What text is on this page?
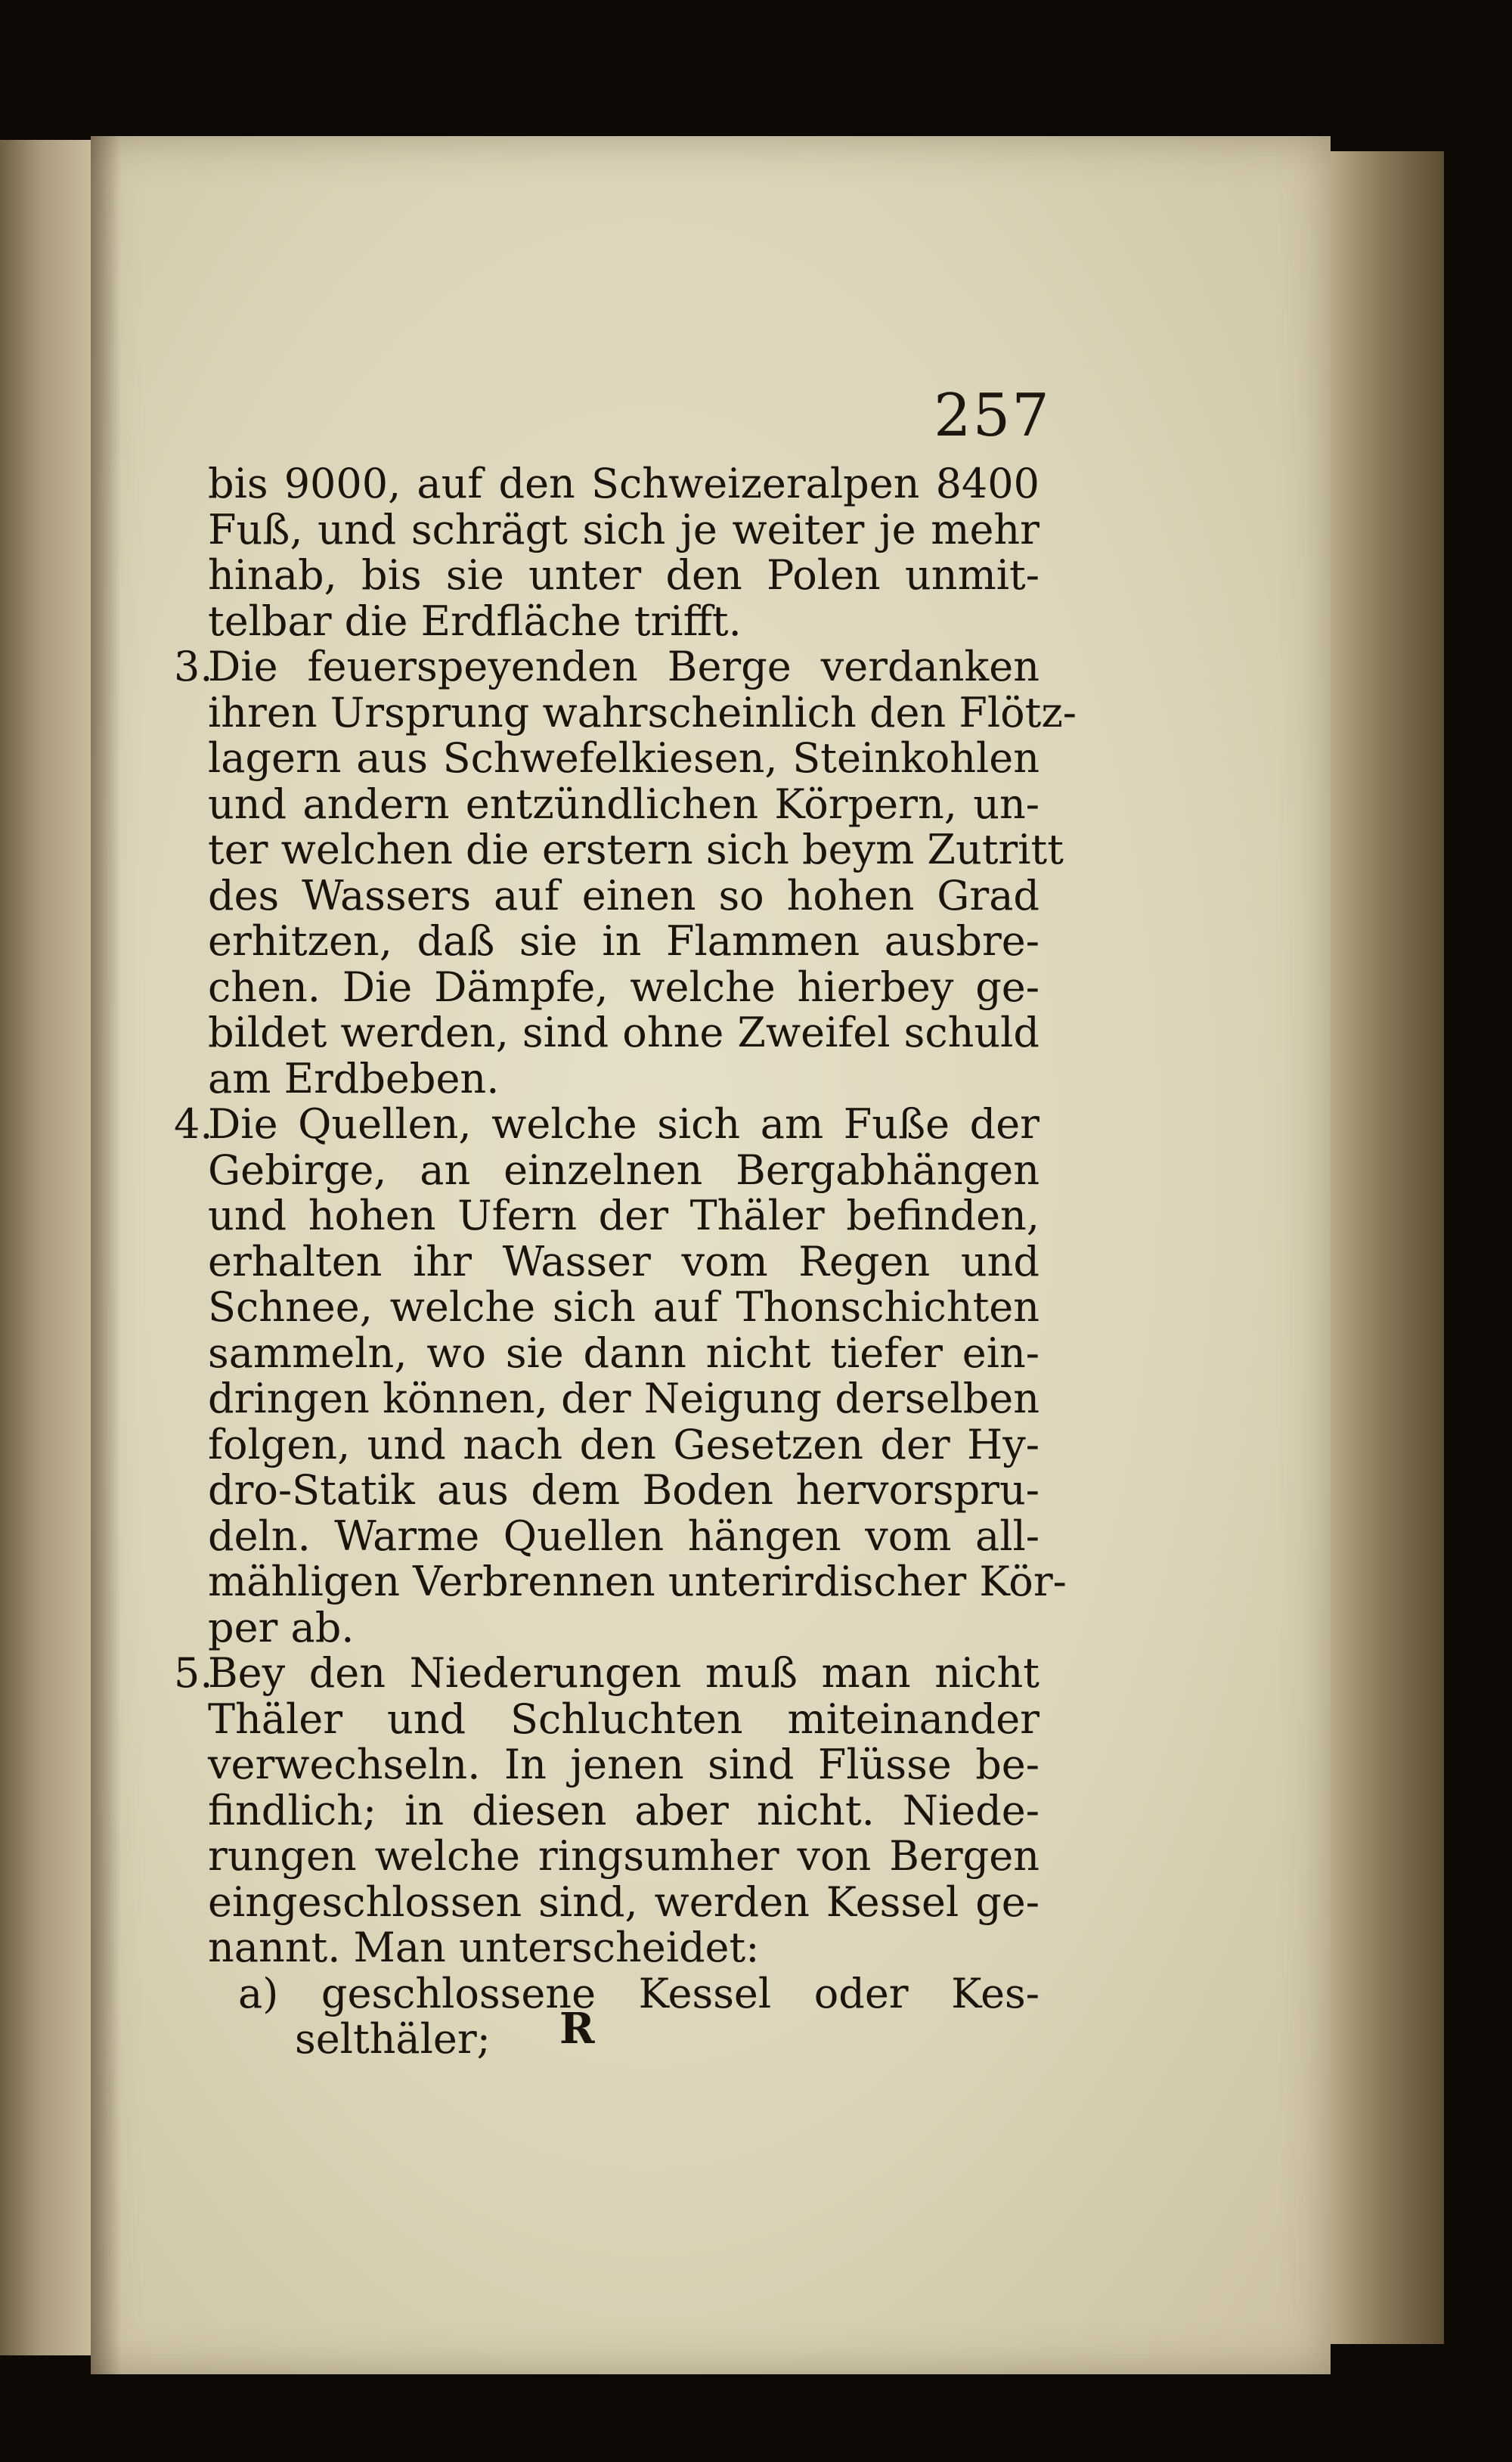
257
bis 9000, auf den Schweizeralpen 8400
Fuß, und schrägt sich je weiter je mehr
hinab, bis sie unter den Polen unmit-
telbar die Erdfläche trifft.
3.Die feuerspeyenden Berge verdanken
ihren Ursprung wahrscheinlich den Flötz-
lagern aus Schwefelkiesen, Steinkohlen
und andern entzündlichen Körpern, un-
ter welchen die erstern sich beym Zutritt
des Wassers auf einen so hohen Grad
erhitzen, daß sie in Flammen ausbre-
chen. Die Dämpfe, welche hierbey ge-
bildet werden, sind ohne Zweifel schuld
am Erdbeben.
4.Die Quellen, welche sich am Fuße der
Gebirge, an einzelnen Bergabhängen
und hohen Ufern der Thäler befinden,
erhalten ihr Wasser vom Regen und
Schnee, welche sich auf Thonschichten
sammeln, wo sie dann nicht tiefer ein-
dringen können, der Neigung derselben
folgen, und nach den Gesetzen der Hy-
dro-Statik aus dem Boden hervorspru-
deln. Warme Quellen hängen vom all-
mähligen Verbrennen unterirdischer Kör-
per ab.
5.Bey den Niederungen muß man nicht
Thäler und Schluchten miteinander
verwechseln. In jenen sind Flüsse be-
findlich; in diesen aber nicht. Niede-
rungen welche ringsumher von Bergen
eingeschlossen sind, werden Kessel ge-
nannt. Man unterscheidet:
a) geschlossene Kessel oder Kes-
selthäler;	R
